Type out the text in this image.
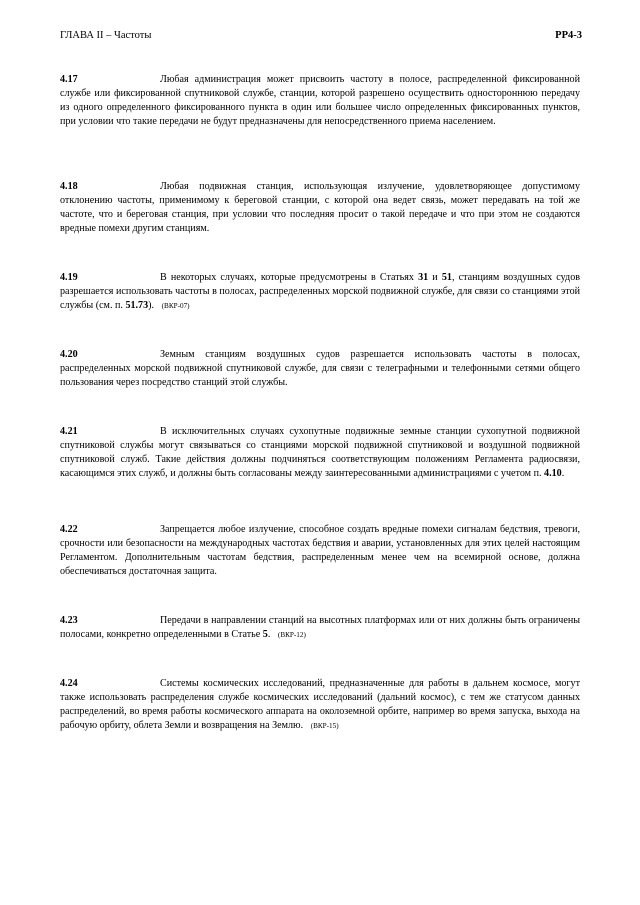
ГЛАВА II – Частоты	РР4-3

4.17	Любая администрация может присвоить частоту в полосе, распределенной фиксированной службе или фиксированной спутниковой службе, станции, которой разрешено осуществить одностороннюю передачу из одного определенного фиксированного пункта в один или большее число определенных фиксированных пунктов, при условии что такие передачи не будут предназначены для непосредственного приема населением.

4.18	Любая подвижная станция, использующая излучение, удовлетворяющее допустимому отклонению частоты, применимому к береговой станции, с которой она ведет связь, может передавать на той же частоте, что и береговая станция, при условии что последняя просит о такой передаче и что при этом не создаются вредные помехи другим станциям.

4.19	В некоторых случаях, которые предусмотрены в Статьях 31 и 51, станциям воздушных судов разрешается использовать частоты в полосах, распределенных морской подвижной службе, для связи со станциями этой службы (см. п. 51.73). (ВКР-07)

4.20	Земным станциям воздушных судов разрешается использовать частоты в полосах, распределенных морской подвижной спутниковой службе, для связи с телеграфными и телефонными сетями общего пользования через посредство станций этой службы.

4.21	В исключительных случаях сухопутные подвижные земные станции сухопутной подвижной спутниковой службы могут связываться со станциями морской подвижной спутниковой и воздушной подвижной спутниковой служб. Такие действия должны подчиняться соответствующим положениям Регламента радиосвязи, касающимся этих служб, и должны быть согласованы между заинтересованными администрациями с учетом п. 4.10.

4.22	Запрещается любое излучение, способное создать вредные помехи сигналам бедствия, тревоги, срочности или безопасности на международных частотах бедствия и аварии, установленных для этих целей настоящим Регламентом. Дополнительным частотам бедствия, распределенным менее чем на всемирной основе, должна обеспечиваться достаточная защита.

4.23	Передачи в направлении станций на высотных платформах или от них должны быть ограничены полосами, конкретно определенными в Статье 5. (ВКР-12)

4.24	Системы космических исследований, предназначенные для работы в дальнем космосе, могут также использовать распределения службе космических исследований (дальний космос), с тем же статусом данных распределений, во время работы космического аппарата на околоземной орбите, например во время запуска, выхода на рабочую орбиту, облета Земли и возвращения на Землю. (ВКР-15)
